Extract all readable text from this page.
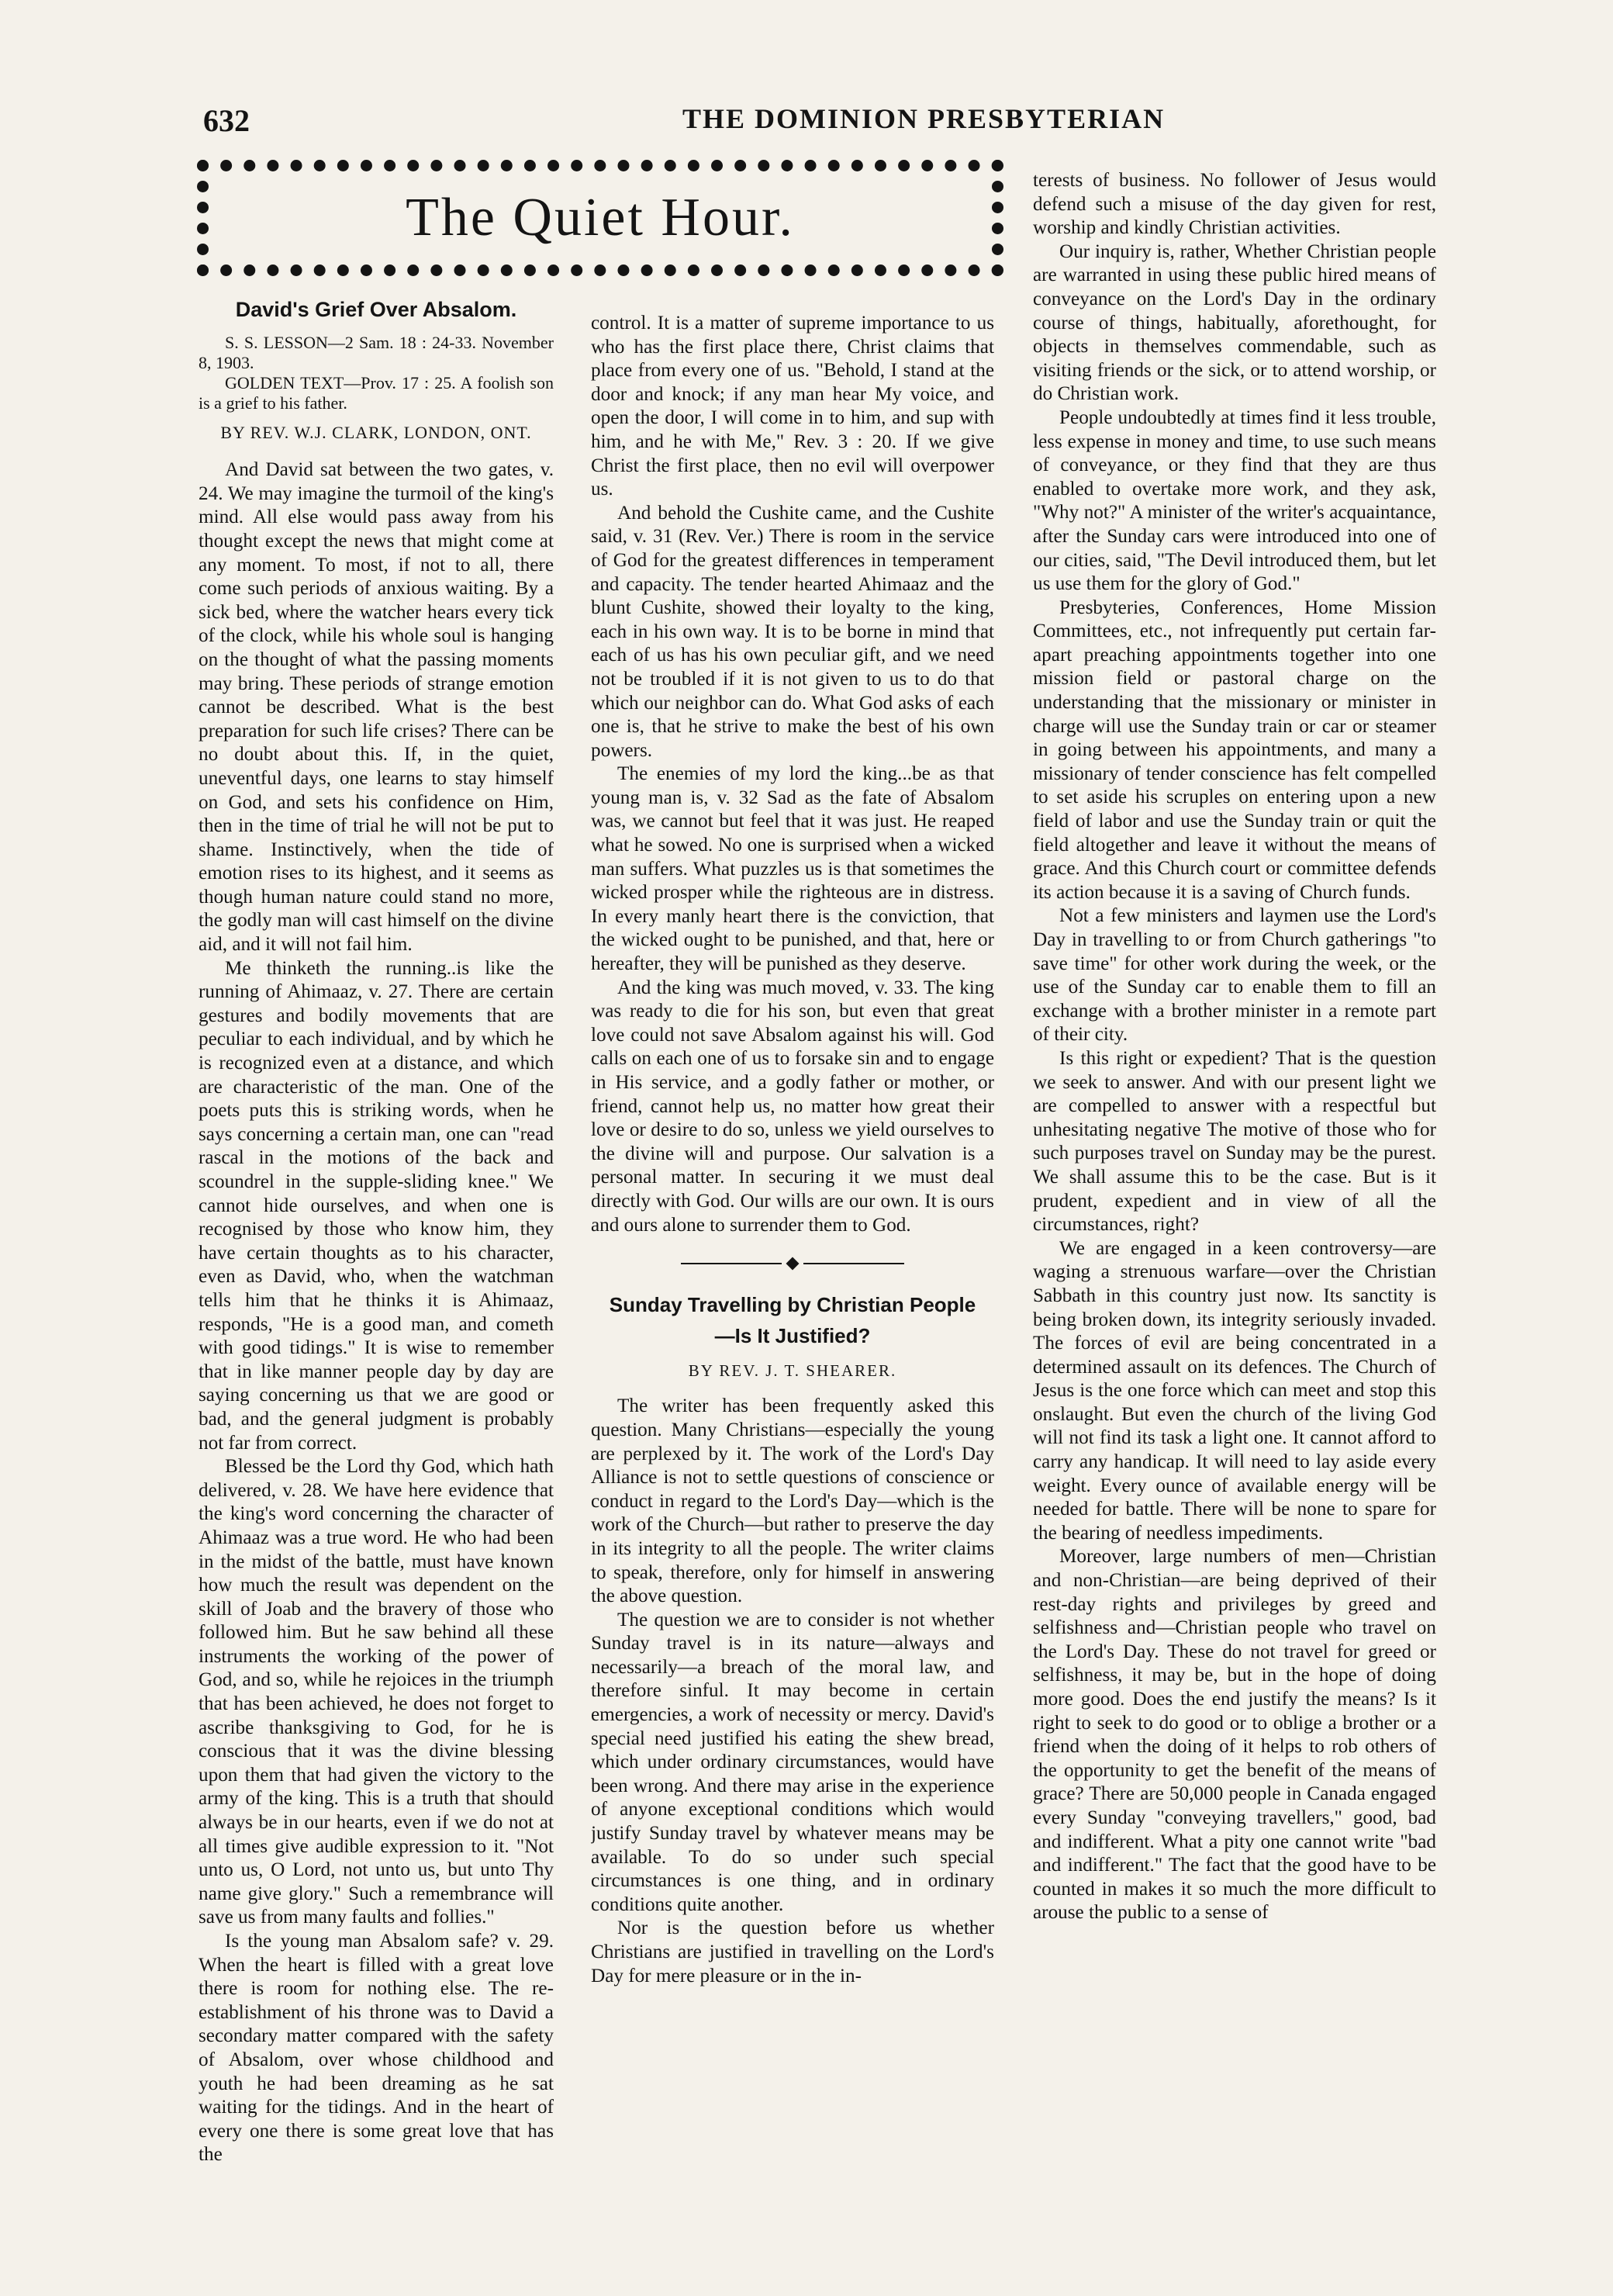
632	THE DOMINION PRESBYTERIAN
The Quiet Hour.
David's Grief Over Absalom.

S. S. LESSON—2 Sam. 18 : 24-33. November 8, 1903.

GOLDEN TEXT—Prov. 17 : 25. A foolish son is a grief to his father.

BY REV. W.J. CLARK, LONDON, ONT.

And David sat between the two gates, v. 24. We may imagine the turmoil of the king's mind. All else would pass away from his thought except the news that might come at any moment. To most, if not to all, there come such periods of anxious waiting. By a sick bed, where the watcher hears every tick of the clock, while his whole soul is hanging on the thought of what the passing moments may bring. These periods of strange emotion cannot be described. What is the best preparation for such life crises? There can be no doubt about this. If, in the quiet, uneventful days, one learns to stay himself on God, and sets his confidence on Him, then in the time of trial he will not be put to shame. Instinctively, when the tide of emotion rises to its highest, and it seems as though human nature could stand no more, the godly man will cast himself on the divine aid, and it will not fail him.

Me thinketh the running..is like the running of Ahimaaz, v. 27. There are certain gestures and bodily movements that are peculiar to each individual, and by which he is recognized even at a distance, and which are characteristic of the man. One of the poets puts this is striking words, when he says concerning a certain man, one can "read rascal in the motions of the back and scoundrel in the supple-sliding knee." We cannot hide ourselves, and when one is recognised by those who know him, they have certain thoughts as to his character, even as David, who, when the watchman tells him that he thinks it is Ahimaaz, responds, "He is a good man, and cometh with good tidings." It is wise to remember that in like manner people day by day are saying concerning us that we are good or bad, and the general judgment is probably not far from correct.

Blessed be the Lord thy God, which hath delivered, v. 28. We have here evidence that the king's word concerning the character of Ahimaaz was a true word. He who had been in the midst of the battle, must have known how much the result was dependent on the skill of Joab and the bravery of those who followed him. But he saw behind all these instruments the working of the power of God, and so, while he rejoices in the triumph that has been achieved, he does not forget to ascribe thanksgiving to God, for he is conscious that it was the divine blessing upon them that had given the victory to the army of the king. This is a truth that should always be in our hearts, even if we do not at all times give audible expression to it. "Not unto us, O Lord, not unto us, but unto Thy name give glory." Such a remembrance will save us from many faults and follies."

Is the young man Absalom safe? v. 29. When the heart is filled with a great love there is room for nothing else. The re-establishment of his throne was to David a secondary matter compared with the safety of Absalom, over whose childhood and youth he had been dreaming as he sat waiting for the tidings. And in the heart of every one there is some great love that has the

control. It is a matter of supreme importance to us who has the first place there, Christ claims that place from every one of us. "Behold, I stand at the door and knock; if any man hear My voice, and open the door, I will come in to him, and sup with him, and he with Me," Rev. 3 : 20. If we give Christ the first place, then no evil will overpower us.

And behold the Cushite came, and the Cushite said, v. 31 (Rev. Ver.) There is room in the service of God for the greatest differences in temperament and capacity. The tender hearted Ahimaaz and the blunt Cushite, showed their loyalty to the king, each in his own way. It is to be borne in mind that each of us has his own peculiar gift, and we need not be troubled if it is not given to us to do that which our neighbor can do. What God asks of each one is, that he strive to make the best of his own powers.

The enemies of my lord the king...be as that young man is, v. 32 Sad as the fate of Absalom was, we cannot but feel that it was just. He reaped what he sowed. No one is surprised when a wicked man suffers. What puzzles us is that sometimes the wicked prosper while the righteous are in distress. In every manly heart there is the conviction, that the wicked ought to be punished, and that, here or hereafter, they will be punished as they deserve.

And the king was much moved, v. 33. The king was ready to die for his son, but even that great love could not save Absalom against his will. God calls on each one of us to forsake sin and to engage in His service, and a godly father or mother, or friend, cannot help us, no matter how great their love or desire to do so, unless we yield ourselves to the divine will and purpose. Our salvation is a personal matter. In securing it we must deal directly with God. Our wills are our own. It is ours and ours alone to surrender them to God.

Sunday Travelling by Christian People
—Is It Justified?
BY REV. J. T. SHEARER.

The writer has been frequently asked this question. Many Christians—especially the young are perplexed by it. The work of the Lord's Day Alliance is not to settle questions of conscience or conduct in regard to the Lord's Day—which is the work of the Church—but rather to preserve the day in its integrity to all the people. The writer claims to speak, therefore, only for himself in answering the above question.

The question we are to consider is not whether Sunday travel is in its nature—always and necessarily—a breach of the moral law, and therefore sinful. It may become in certain emergencies, a work of necessity or mercy. David's special need justified his eating the shew bread, which under ordinary circumstances, would have been wrong. And there may arise in the experience of anyone exceptional conditions which would justify Sunday travel by whatever means may be available. To do so under such special circumstances is one thing, and in ordinary conditions quite another.

Nor is the question before us whether Christians are justified in travelling on the Lord's Day for mere pleasure or in the in-

terests of business. No follower of Jesus would defend such a misuse of the day given for rest, worship and kindly Christian activities.

Our inquiry is, rather, Whether Christian people are warranted in using these public hired means of conveyance on the Lord's Day in the ordinary course of things, habitually, aforethought, for objects in themselves commendable, such as visiting friends or the sick, or to attend worship, or do Christian work.

People undoubtedly at times find it less trouble, less expense in money and time, to use such means of conveyance, or they find that they are thus enabled to overtake more work, and they ask, "Why not?" A minister of the writer's acquaintance, after the Sunday cars were introduced into one of our cities, said, "The Devil introduced them, but let us use them for the glory of God."

Presbyteries, Conferences, Home Mission Committees, etc., not infrequently put certain far-apart preaching appointments together into one mission field or pastoral charge on the understanding that the missionary or minister in charge will use the Sunday train or car or steamer in going between his appointments, and many a missionary of tender conscience has felt compelled to set aside his scruples on entering upon a new field of labor and use the Sunday train or quit the field altogether and leave it without the means of grace. And this Church court or committee defends its action because it is a saving of Church funds.

Not a few ministers and laymen use the Lord's Day in travelling to or from Church gatherings "to save time" for other work during the week, or the use of the Sunday car to enable them to fill an exchange with a brother minister in a remote part of their city.

Is this right or expedient? That is the question we seek to answer. And with our present light we are compelled to answer with a respectful but unhesitating negative The motive of those who for such purposes travel on Sunday may be the purest. We shall assume this to be the case. But is it prudent, expedient and in view of all the circumstances, right?

We are engaged in a keen controversy—are waging a strenuous warfare—over the Christian Sabbath in this country just now. Its sanctity is being broken down, its integrity seriously invaded. The forces of evil are being concentrated in a determined assault on its defences. The Church of Jesus is the one force which can meet and stop this onslaught. But even the church of the living God will not find its task a light one. It cannot afford to carry any handicap. It will need to lay aside every weight. Every ounce of available energy will be needed for battle. There will be none to spare for the bearing of needless impediments.

Moreover, large numbers of men—Christian and non-Christian—are being deprived of their rest-day rights and privileges by greed and selfishness and—Christian people who travel on the Lord's Day. These do not travel for greed or selfishness, it may be, but in the hope of doing more good. Does the end justify the means? Is it right to seek to do good or to oblige a brother or a friend when the doing of it helps to rob others of the opportunity to get the benefit of the means of grace? There are 50,000 people in Canada engaged every Sunday "conveying travellers," good, bad and indifferent. What a pity one cannot write "bad and indifferent." The fact that the good have to be counted in makes it so much the more difficult to arouse the public to a sense of
